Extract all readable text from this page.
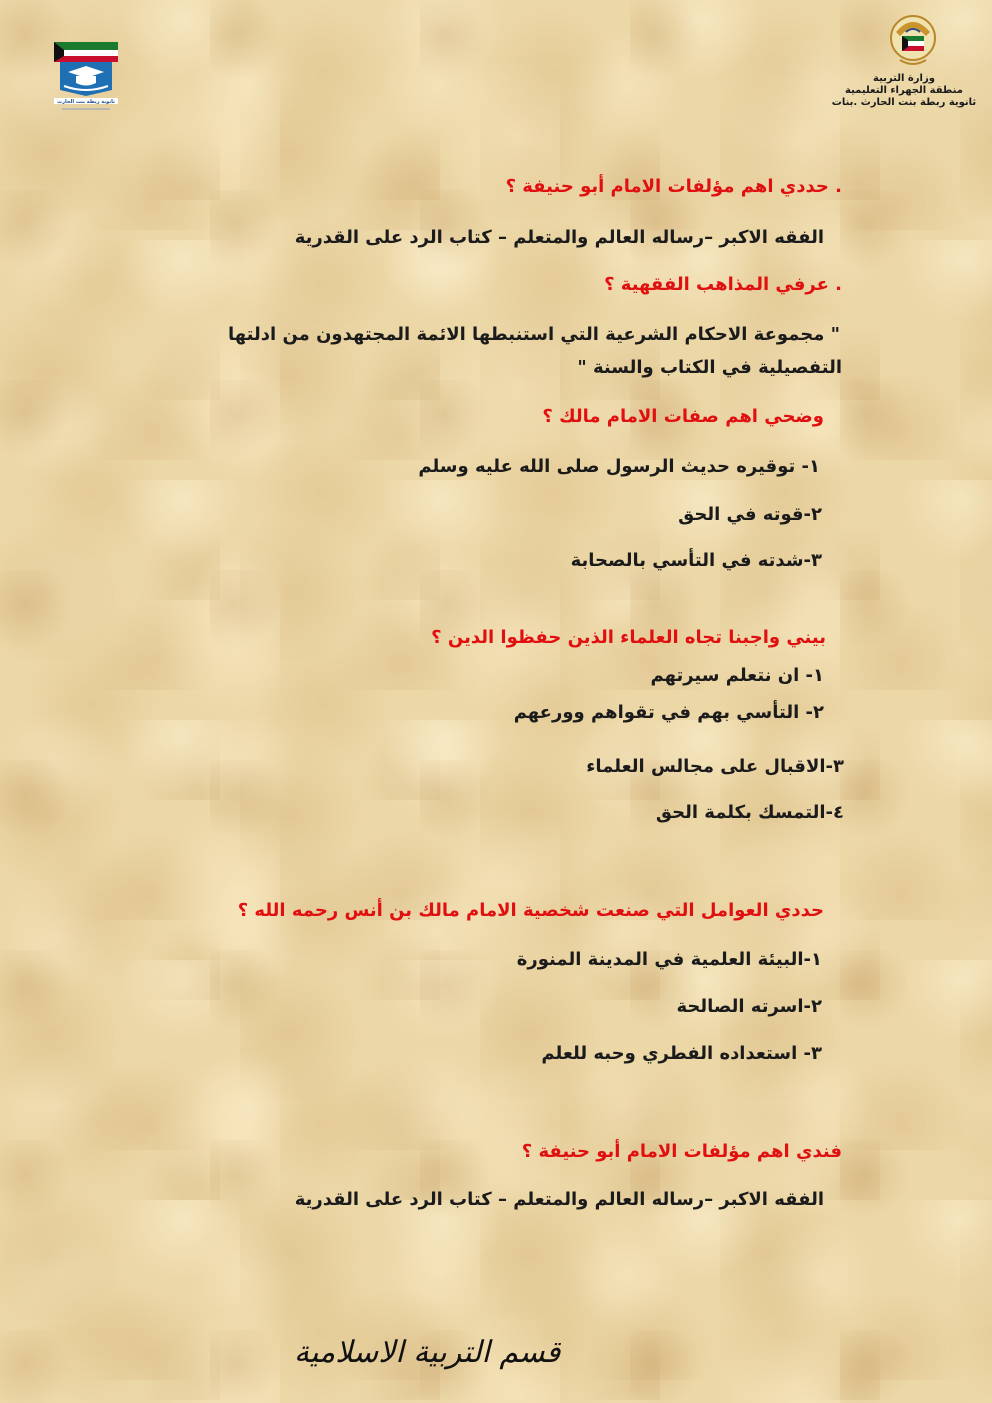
وزارة التربية
منطقة الجهراء التعليمية
ثانوية ربطة بنت الحارث .بنات
ثانوية ريطة بنت الحارث
. حددي اهم مؤلفات الامام أبو حنيفة ؟
الفقه الاكبر –رساله العالم والمتعلم – كتاب الرد على القدرية
. عرفي المذاهب الفقهية ؟
" مجموعة الاحكام الشرعية التي استنبطها الائمة المجتهدون من ادلتها
التفصيلية في الكتاب والسنة "
وضحي اهم صفات الامام مالك ؟
١- توقيره حديث الرسول صلى الله عليه وسلم
٢-قوته في الحق
٣-شدته في التأسي بالصحابة
بيني واجبنا تجاه العلماء الذين حفظوا الدين ؟
١- ان نتعلم سيرتهم
٢- التأسي بهم في تقواهم وورعهم
٣-الاقبال على مجالس العلماء
٤-التمسك بكلمة الحق
حددي العوامل التي صنعت شخصية الامام مالك بن أنس رحمه الله ؟
١-البيئة العلمية في المدينة المنورة
٢-اسرته الصالحة
٣- استعداده الفطري وحبه للعلم
فندي اهم مؤلفات الامام أبو حنيفة ؟
الفقه الاكبر –رساله العالم والمتعلم – كتاب الرد على القدرية
قسم التربية الاسلامية
